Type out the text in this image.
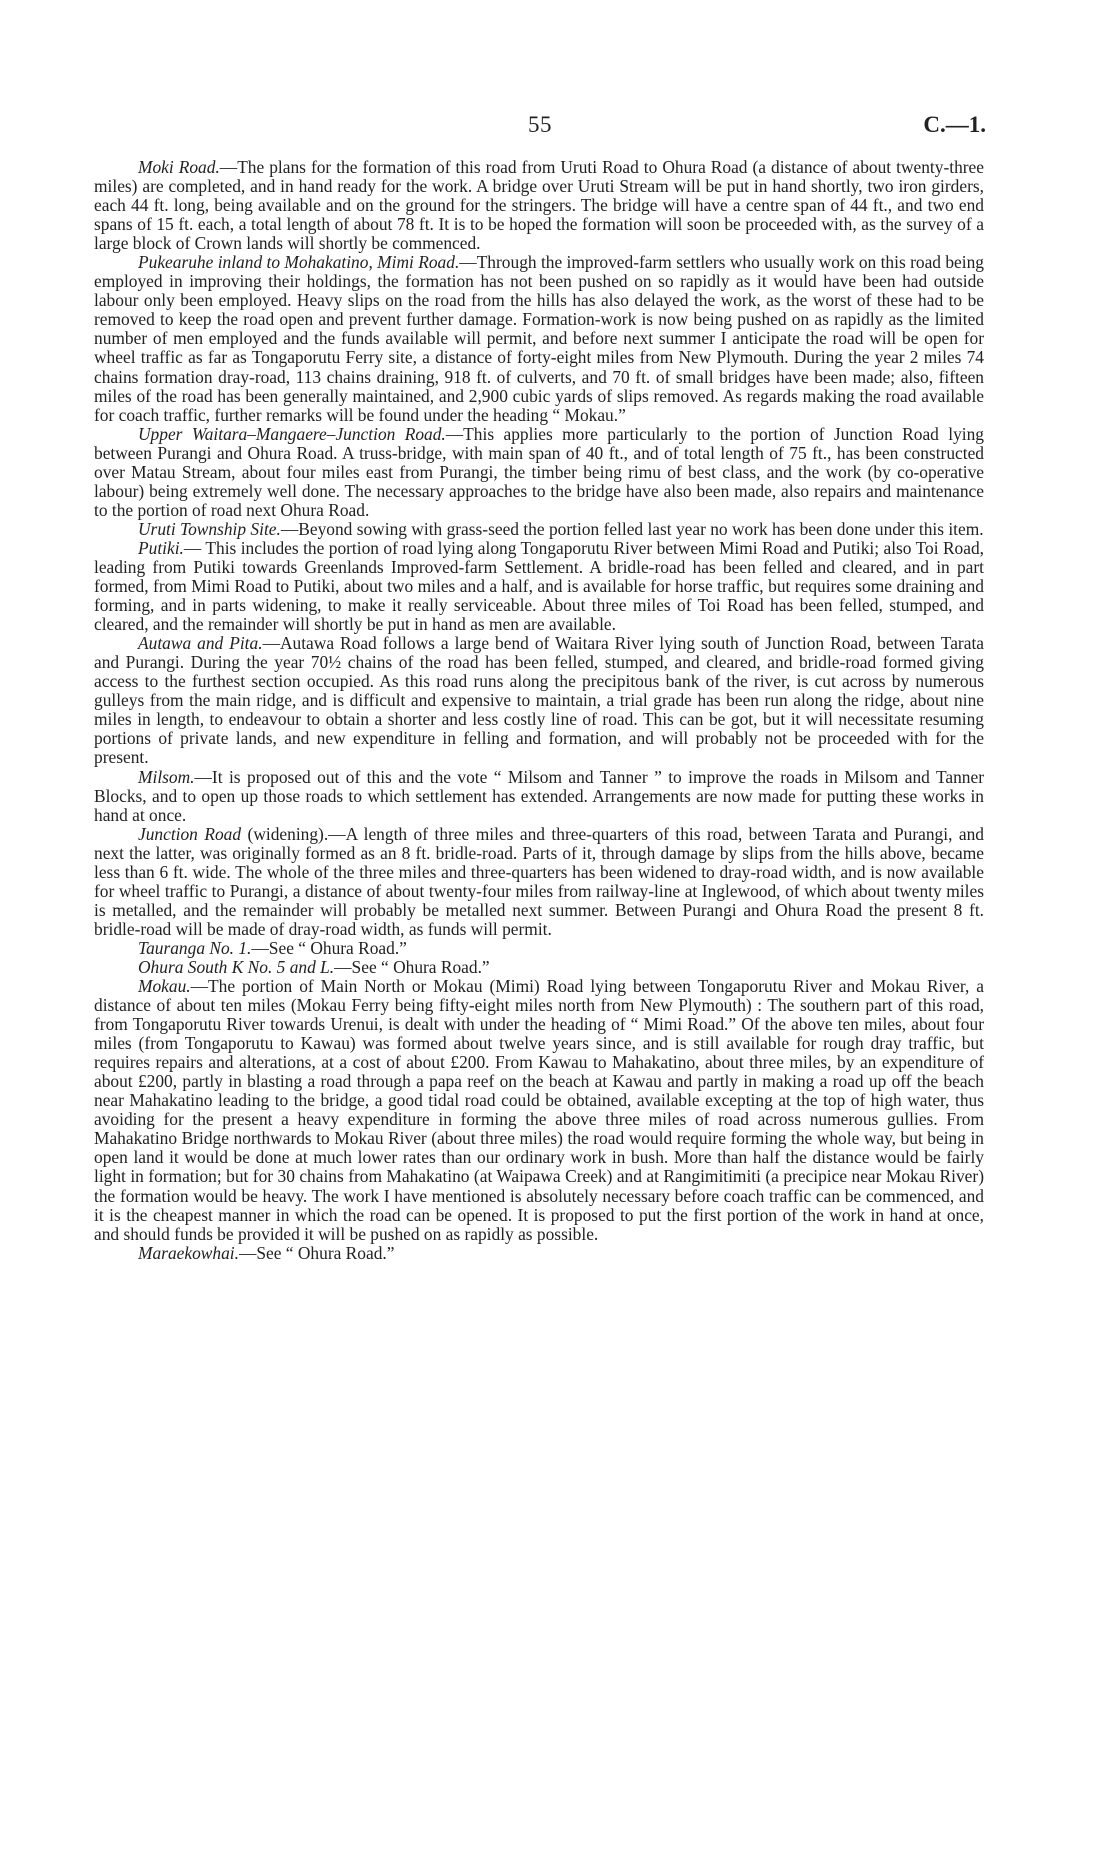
55	C.—1.

Moki Road.—The plans for the formation of this road from Uruti Road to Ohura Road (a distance of about twenty-three miles) are completed, and in hand ready for the work. A bridge over Uruti Stream will be put in hand shortly, two iron girders, each 44 ft. long, being available and on the ground for the stringers. The bridge will have a centre span of 44 ft., and two end spans of 15 ft. each, a total length of about 78 ft. It is to be hoped the formation will soon be proceeded with, as the survey of a large block of Crown lands will shortly be commenced.

Pukearuhe inland to Mohakatino, Mimi Road.—Through the improved-farm settlers who usually work on this road being employed in improving their holdings, the formation has not been pushed on so rapidly as it would have been had outside labour only been employed. Heavy slips on the road from the hills has also delayed the work, as the worst of these had to be removed to keep the road open and prevent further damage. Formation-work is now being pushed on as rapidly as the limited number of men employed and the funds available will permit, and before next summer I anticipate the road will be open for wheel traffic as far as Tongaporutu Ferry site, a distance of forty-eight miles from New Plymouth. During the year 2 miles 74 chains formation dray-road, 113 chains draining, 918 ft. of culverts, and 70 ft. of small bridges have been made; also, fifteen miles of the road has been generally maintained, and 2,900 cubic yards of slips removed. As regards making the road available for coach traffic, further remarks will be found under the heading “ Mokau.”

Upper Waitara–Mangaere–Junction Road.—This applies more particularly to the portion of Junction Road lying between Purangi and Ohura Road. A truss-bridge, with main span of 40 ft., and of total length of 75 ft., has been constructed over Matau Stream, about four miles east from Purangi, the timber being rimu of best class, and the work (by co-operative labour) being extremely well done. The necessary approaches to the bridge have also been made, also repairs and maintenance to the portion of road next Ohura Road.

Uruti Township Site.—Beyond sowing with grass-seed the portion felled last year no work has been done under this item.

Putiki.— This includes the portion of road lying along Tongaporutu River between Mimi Road and Putiki; also Toi Road, leading from Putiki towards Greenlands Improved-farm Settlement. A bridle-road has been felled and cleared, and in part formed, from Mimi Road to Putiki, about two miles and a half, and is available for horse traffic, but requires some draining and forming, and in parts widening, to make it really serviceable. About three miles of Toi Road has been felled, stumped, and cleared, and the remainder will shortly be put in hand as men are available.

Autawa and Pita.—Autawa Road follows a large bend of Waitara River lying south of Junction Road, between Tarata and Purangi. During the year 70½ chains of the road has been felled, stumped, and cleared, and bridle-road formed giving access to the furthest section occupied. As this road runs along the precipitous bank of the river, is cut across by numerous gulleys from the main ridge, and is difficult and expensive to maintain, a trial grade has been run along the ridge, about nine miles in length, to endeavour to obtain a shorter and less costly line of road. This can be got, but it will necessitate resuming portions of private lands, and new expenditure in felling and formation, and will probably not be proceeded with for the present.

Milsom.—It is proposed out of this and the vote “ Milsom and Tanner ” to improve the roads in Milsom and Tanner Blocks, and to open up those roads to which settlement has extended. Arrangements are now made for putting these works in hand at once.

Junction Road (widening).—A length of three miles and three-quarters of this road, between Tarata and Purangi, and next the latter, was originally formed as an 8 ft. bridle-road. Parts of it, through damage by slips from the hills above, became less than 6 ft. wide. The whole of the three miles and three-quarters has been widened to dray-road width, and is now available for wheel traffic to Purangi, a distance of about twenty-four miles from railway-line at Inglewood, of which about twenty miles is metalled, and the remainder will probably be metalled next summer. Between Purangi and Ohura Road the present 8 ft. bridle-road will be made of dray-road width, as funds will permit.

Tauranga No. 1.—See “ Ohura Road.”

Ohura South K No. 5 and L.—See “ Ohura Road.”

Mokau.—The portion of Main North or Mokau (Mimi) Road lying between Tongaporutu River and Mokau River, a distance of about ten miles (Mokau Ferry being fifty-eight miles north from New Plymouth) : The southern part of this road, from Tongaporutu River towards Urenui, is dealt with under the heading of “ Mimi Road.” Of the above ten miles, about four miles (from Tongaporutu to Kawau) was formed about twelve years since, and is still available for rough dray traffic, but requires repairs and alterations, at a cost of about £200. From Kawau to Mahakatino, about three miles, by an expenditure of about £200, partly in blasting a road through a papa reef on the beach at Kawau and partly in making a road up off the beach near Mahakatino leading to the bridge, a good tidal road could be obtained, available excepting at the top of high water, thus avoiding for the present a heavy expenditure in forming the above three miles of road across numerous gullies. From Mahakatino Bridge northwards to Mokau River (about three miles) the road would require forming the whole way, but being in open land it would be done at much lower rates than our ordinary work in bush. More than half the distance would be fairly light in formation; but for 30 chains from Mahakatino (at Waipawa Creek) and at Rangimitimiti (a precipice near Mokau River) the formation would be heavy. The work I have mentioned is absolutely necessary before coach traffic can be commenced, and it is the cheapest manner in which the road can be opened. It is proposed to put the first portion of the work in hand at once, and should funds be provided it will be pushed on as rapidly as possible.

Maraekowhai.—See “ Ohura Road.”
